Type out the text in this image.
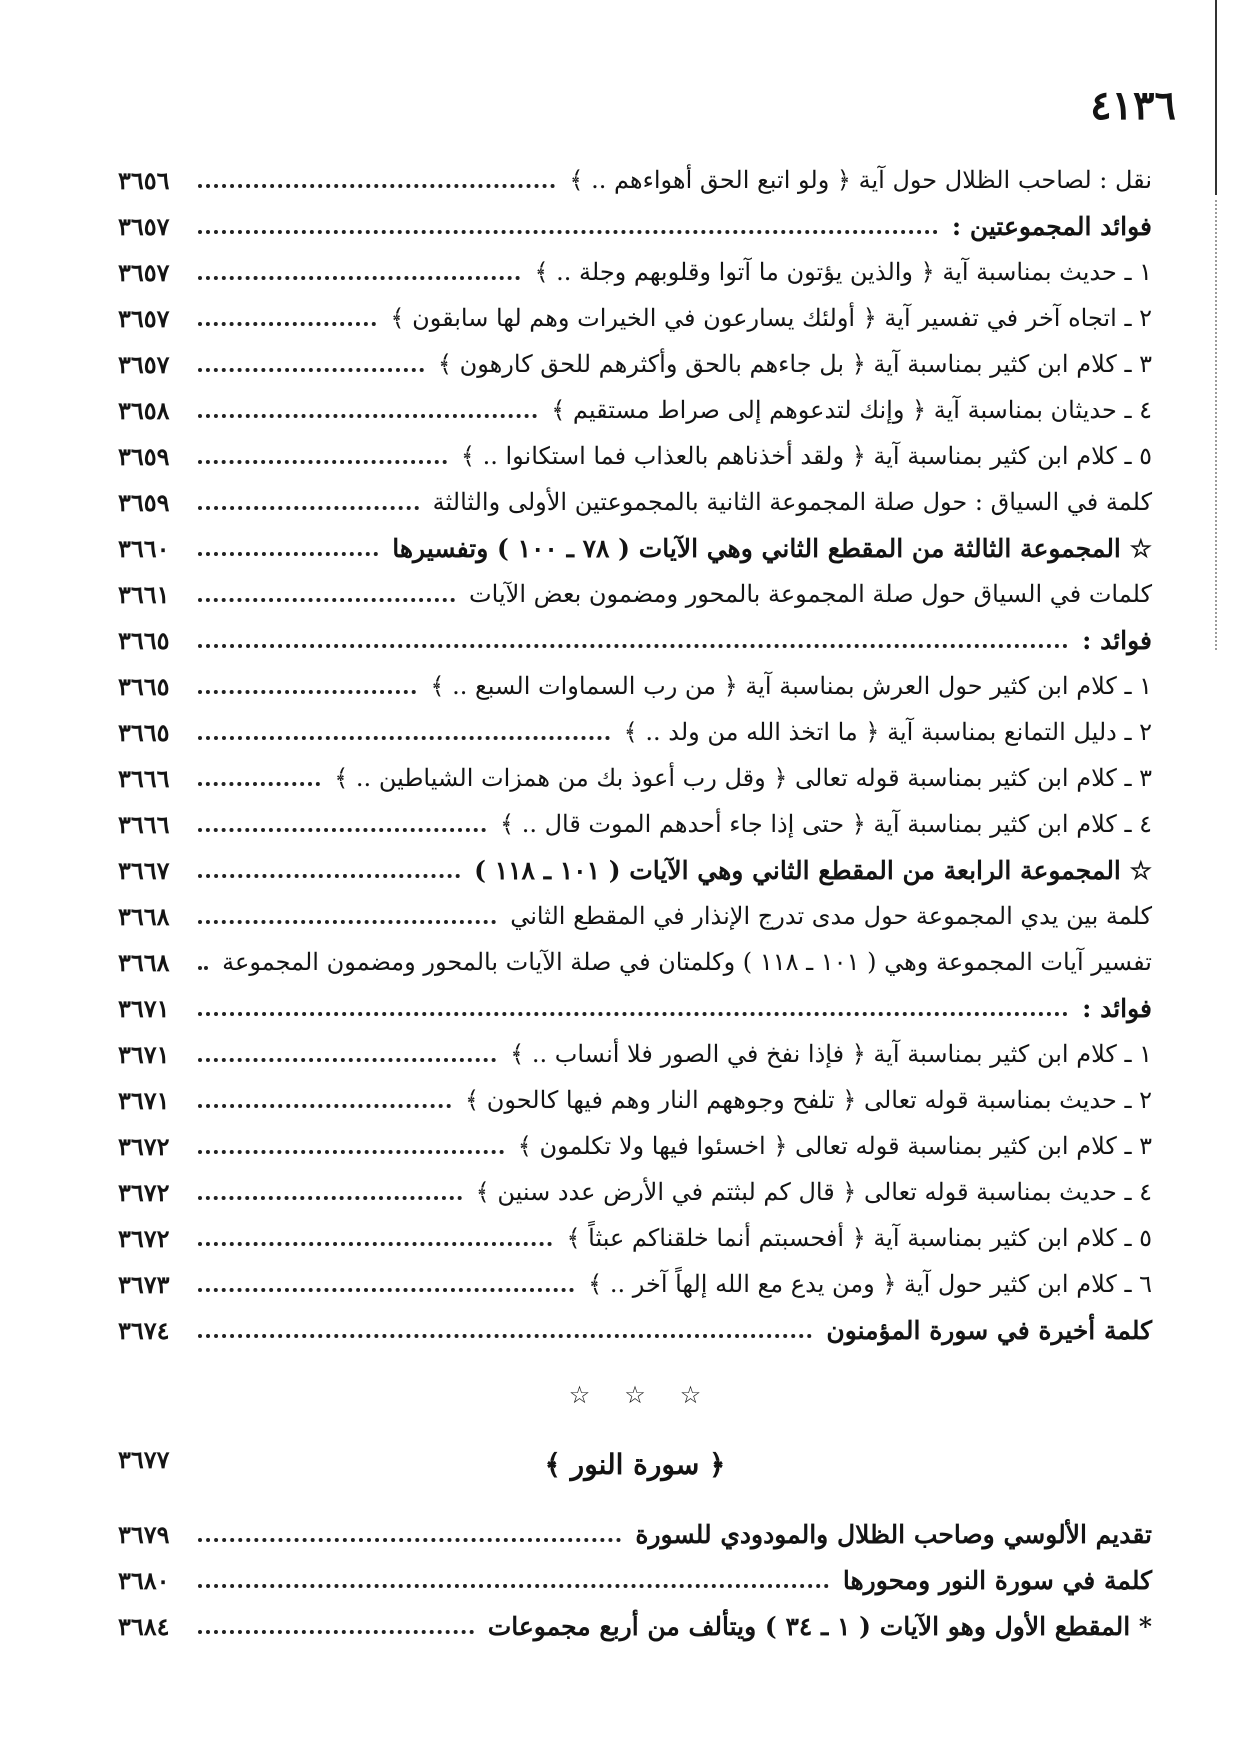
٤١٣٦
نقل : لصاحب الظلال حول آية ﴿ ولو اتبع الحق أهواءهم .. ﴾
٣٦٥٦
فوائد المجموعتين :
٣٦٥٧
١ ـ حديث بمناسبة آية ﴿ والذين يؤتون ما آتوا وقلوبهم وجلة .. ﴾
٣٦٥٧
٢ ـ اتجاه آخر في تفسير آية ﴿ أولئك يسارعون في الخيرات وهم لها سابقون ﴾
٣٦٥٧
٣ ـ كلام ابن كثير بمناسبة آية ﴿ بل جاءهم بالحق وأكثرهم للحق كارهون ﴾
٣٦٥٧
٤ ـ حديثان بمناسبة آية ﴿ وإنك لتدعوهم إلى صراط مستقيم ﴾
٣٦٥٨
٥ ـ كلام ابن كثير بمناسبة آية ﴿ ولقد أخذناهم بالعذاب فما استكانوا .. ﴾
٣٦٥٩
كلمة في السياق : حول صلة المجموعة الثانية بالمجموعتين الأولى والثالثة
٣٦٥٩
☆ المجموعة الثالثة من المقطع الثاني وهي الآيات ( ٧٨ ـ ١٠٠ ) وتفسيرها
٣٦٦٠
كلمات في السياق حول صلة المجموعة بالمحور ومضمون بعض الآيات
٣٦٦١
فوائد :
٣٦٦٥
١ ـ كلام ابن كثير حول العرش بمناسبة آية ﴿ من رب السماوات السبع .. ﴾
٣٦٦٥
٢ ـ دليل التمانع بمناسبة آية ﴿ ما اتخذ الله من ولد .. ﴾
٣٦٦٥
٣ ـ كلام ابن كثير بمناسبة قوله تعالى ﴿ وقل رب أعوذ بك من همزات الشياطين .. ﴾
٣٦٦٦
٤ ـ كلام ابن كثير بمناسبة آية ﴿ حتى إذا جاء أحدهم الموت قال .. ﴾
٣٦٦٦
☆ المجموعة الرابعة من المقطع الثاني وهي الآيات ( ١٠١ ـ ١١٨ )
٣٦٦٧
كلمة بين يدي المجموعة حول مدى تدرج الإنذار في المقطع الثاني
٣٦٦٨
تفسير آيات المجموعة وهي ( ١٠١ ـ ١١٨ ) وكلمتان في صلة الآيات بالمحور ومضمون المجموعة
٣٦٦٨
فوائد :
٣٦٧١
١ ـ كلام ابن كثير بمناسبة آية ﴿ فإذا نفخ في الصور فلا أنساب .. ﴾
٣٦٧١
٢ ـ حديث بمناسبة قوله تعالى ﴿ تلفح وجوههم النار وهم فيها كالحون ﴾
٣٦٧١
٣ ـ كلام ابن كثير بمناسبة قوله تعالى ﴿ اخسئوا فيها ولا تكلمون ﴾
٣٦٧٢
٤ ـ حديث بمناسبة قوله تعالى ﴿ قال كم لبثتم في الأرض عدد سنين ﴾
٣٦٧٢
٥ ـ كلام ابن كثير بمناسبة آية ﴿ أفحسبتم أنما خلقناكم عبثاً ﴾
٣٦٧٢
٦ ـ كلام ابن كثير حول آية ﴿ ومن يدع مع الله إلهاً آخر .. ﴾
٣٦٧٣
كلمة أخيرة في سورة المؤمنون
٣٦٧٤
☆ ☆ ☆
﴿ سورة النور ﴾
٣٦٧٧
تقديم الألوسي وصاحب الظلال والمودودي للسورة
٣٦٧٩
كلمة في سورة النور ومحورها
٣٦٨٠
* المقطع الأول وهو الآيات ( ١ ـ ٣٤ ) ويتألف من أربع مجموعات
٣٦٨٤
